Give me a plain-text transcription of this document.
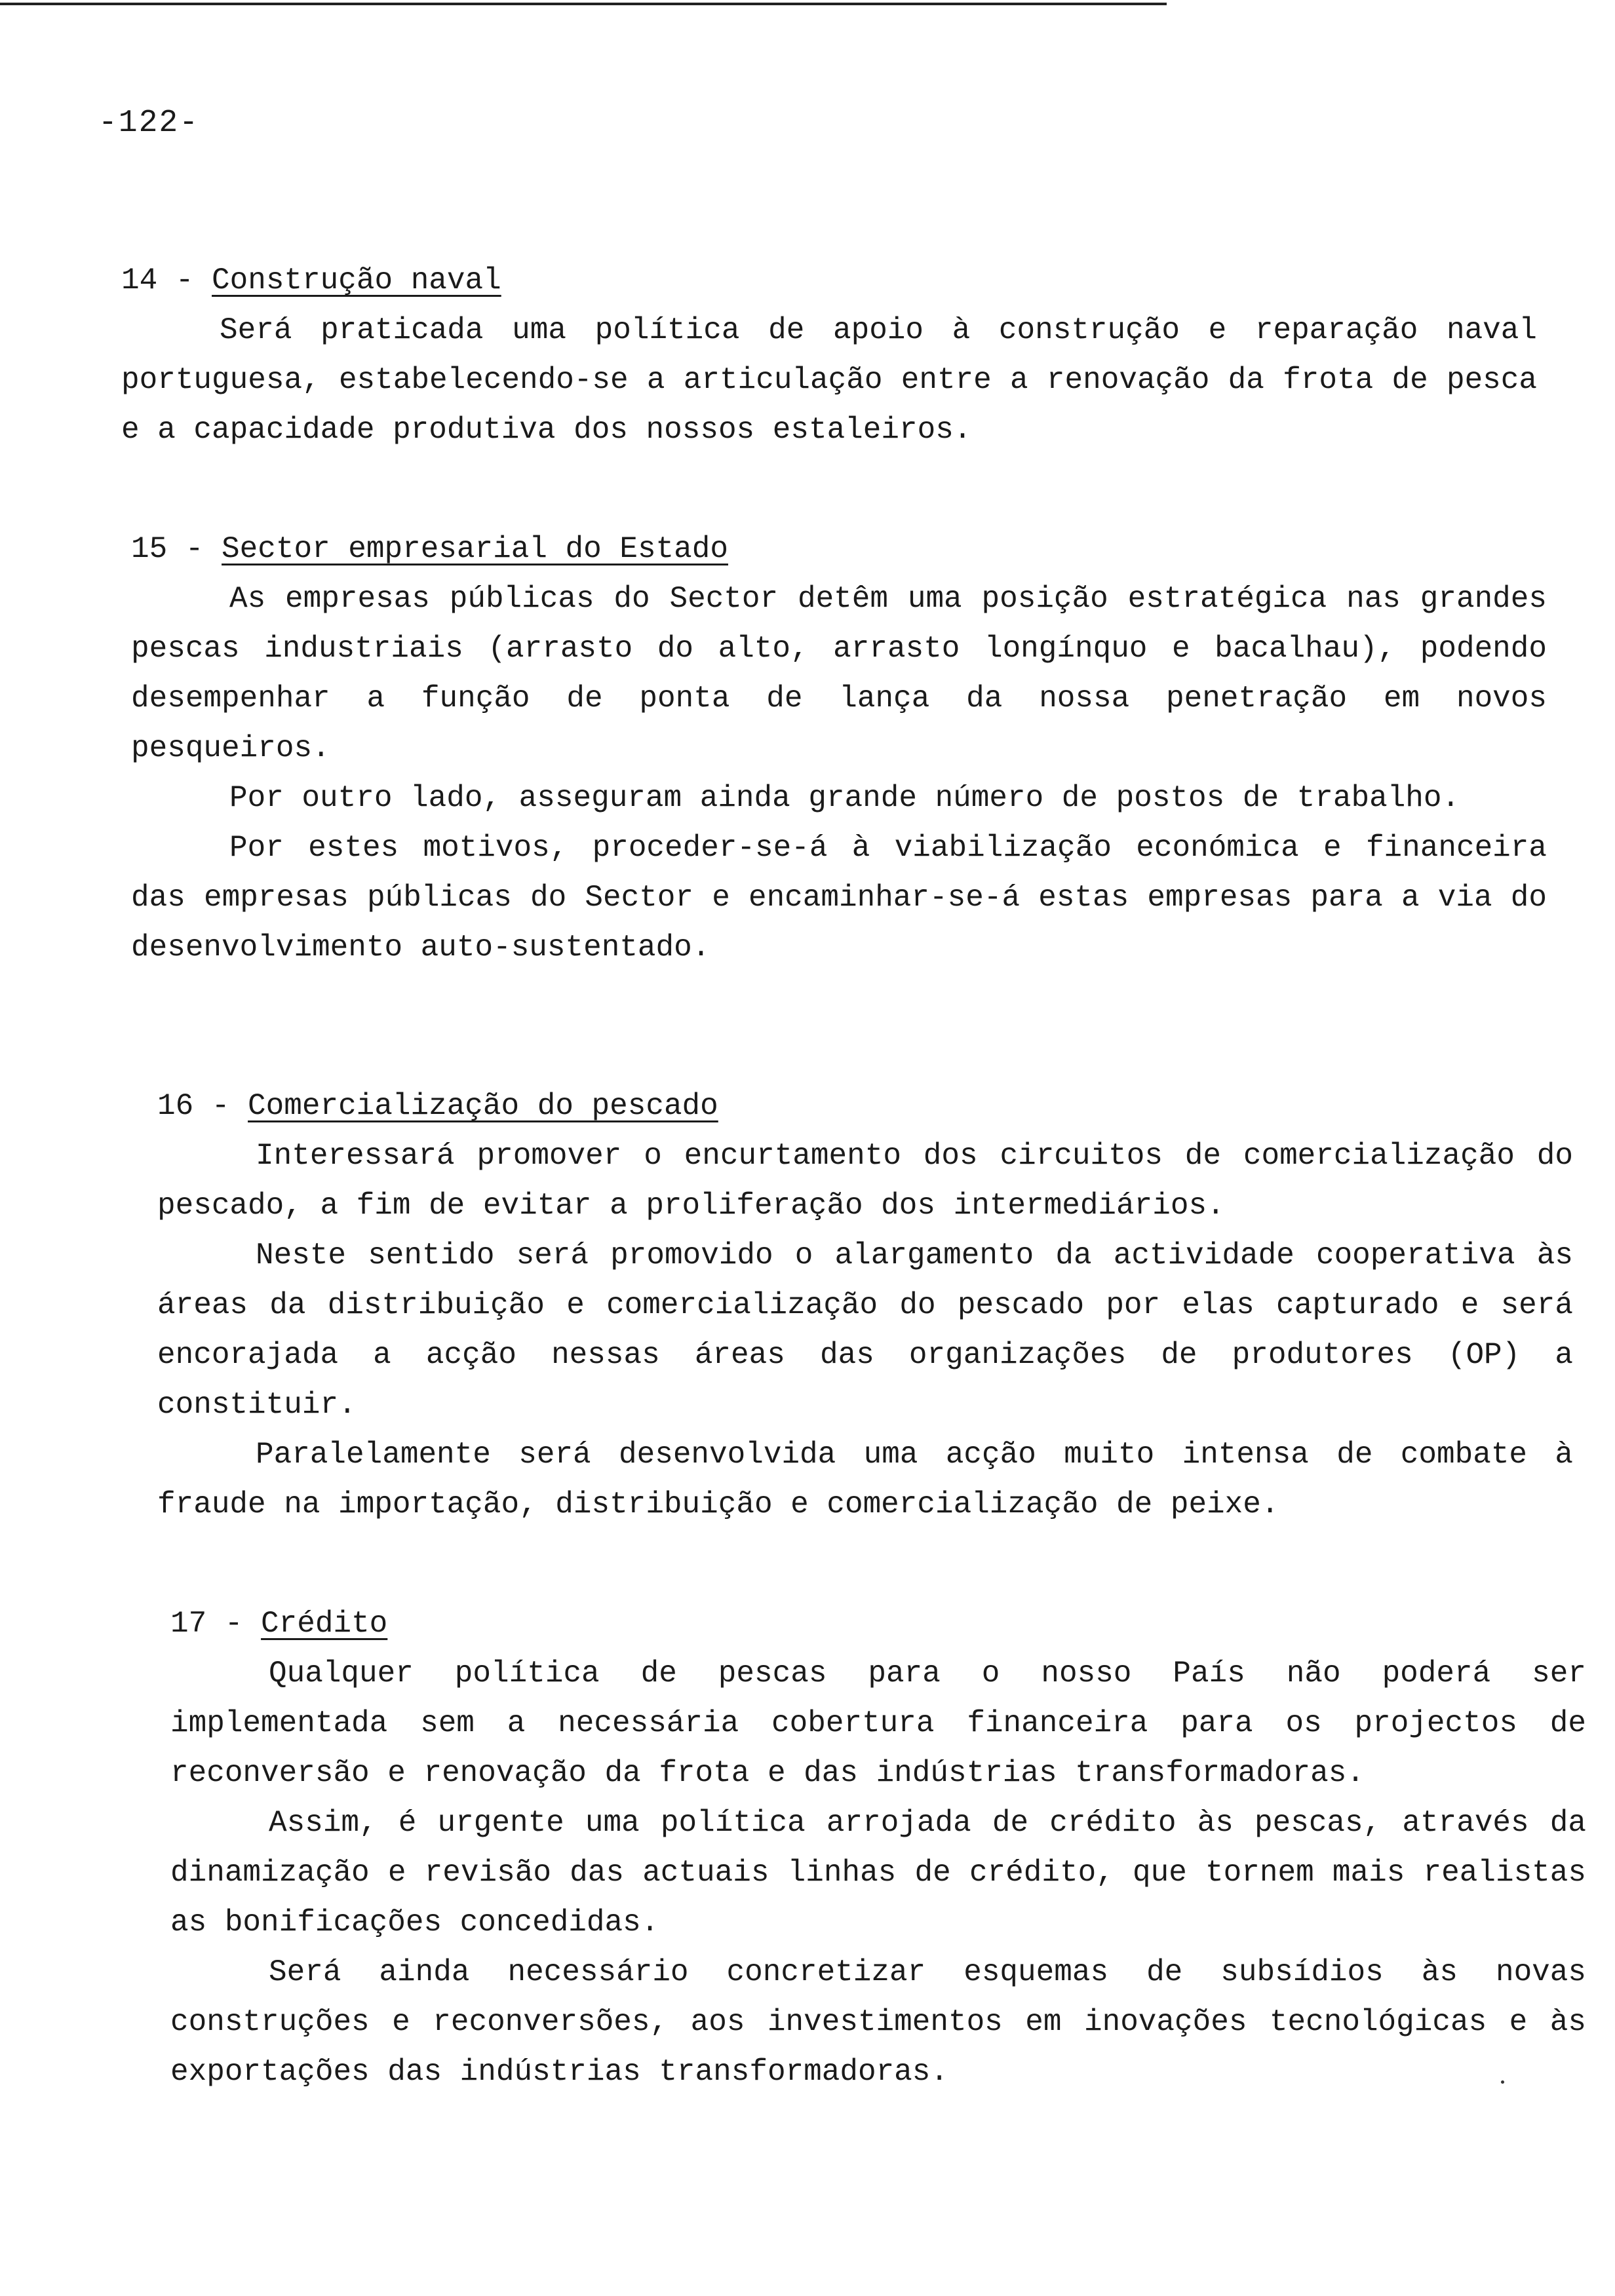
-122-
14 - Construção naval

Será praticada uma política de apoio à construção e reparação naval portuguesa, estabelecendo-se a articulação entre a renovação da frota de pesca e a capacidade produtiva dos nossos estaleiros.

15 - Sector empresarial do Estado

As empresas públicas do Sector detêm uma posição estratégica nas grandes pescas industriais (arrasto do alto, arrasto longínquo e bacalhau), podendo desempenhar a função de ponta de lança da nossa penetração em novos pesqueiros.

Por outro lado, asseguram ainda grande número de postos de trabalho.

Por estes motivos, proceder-se-á à viabilização económica e financeira das empresas públicas do Sector e encaminhar-se-á estas empresas para a via do desenvolvimento auto-sustentado.

16 - Comercialização do pescado

Interessará promover o encurtamento dos circuitos de comercialização do pescado, a fim de evitar a proliferação dos intermediários.

Neste sentido será promovido o alargamento da actividade cooperativa às áreas da distribuição e comercialização do pescado por elas capturado e será encorajada a acção nessas áreas das organizações de produtores (OP) a constituir.

Paralelamente será desenvolvida uma acção muito intensa de combate à fraude na importação, distribuição e comercialização de peixe.

17 - Crédito

Qualquer política de pescas para o nosso País não poderá ser implementada sem a necessária cobertura financeira para os projectos de reconversão e renovação da frota e das indústrias transformadoras.

Assim, é urgente uma política arrojada de crédito às pescas, através da dinamização e revisão das actuais linhas de crédito, que tornem mais realistas as bonificações concedidas.

Será ainda necessário concretizar esquemas de subsídios às novas construções e reconversões, aos investimentos em inovações tecnológicas e às exportações das indústrias transformadoras.
